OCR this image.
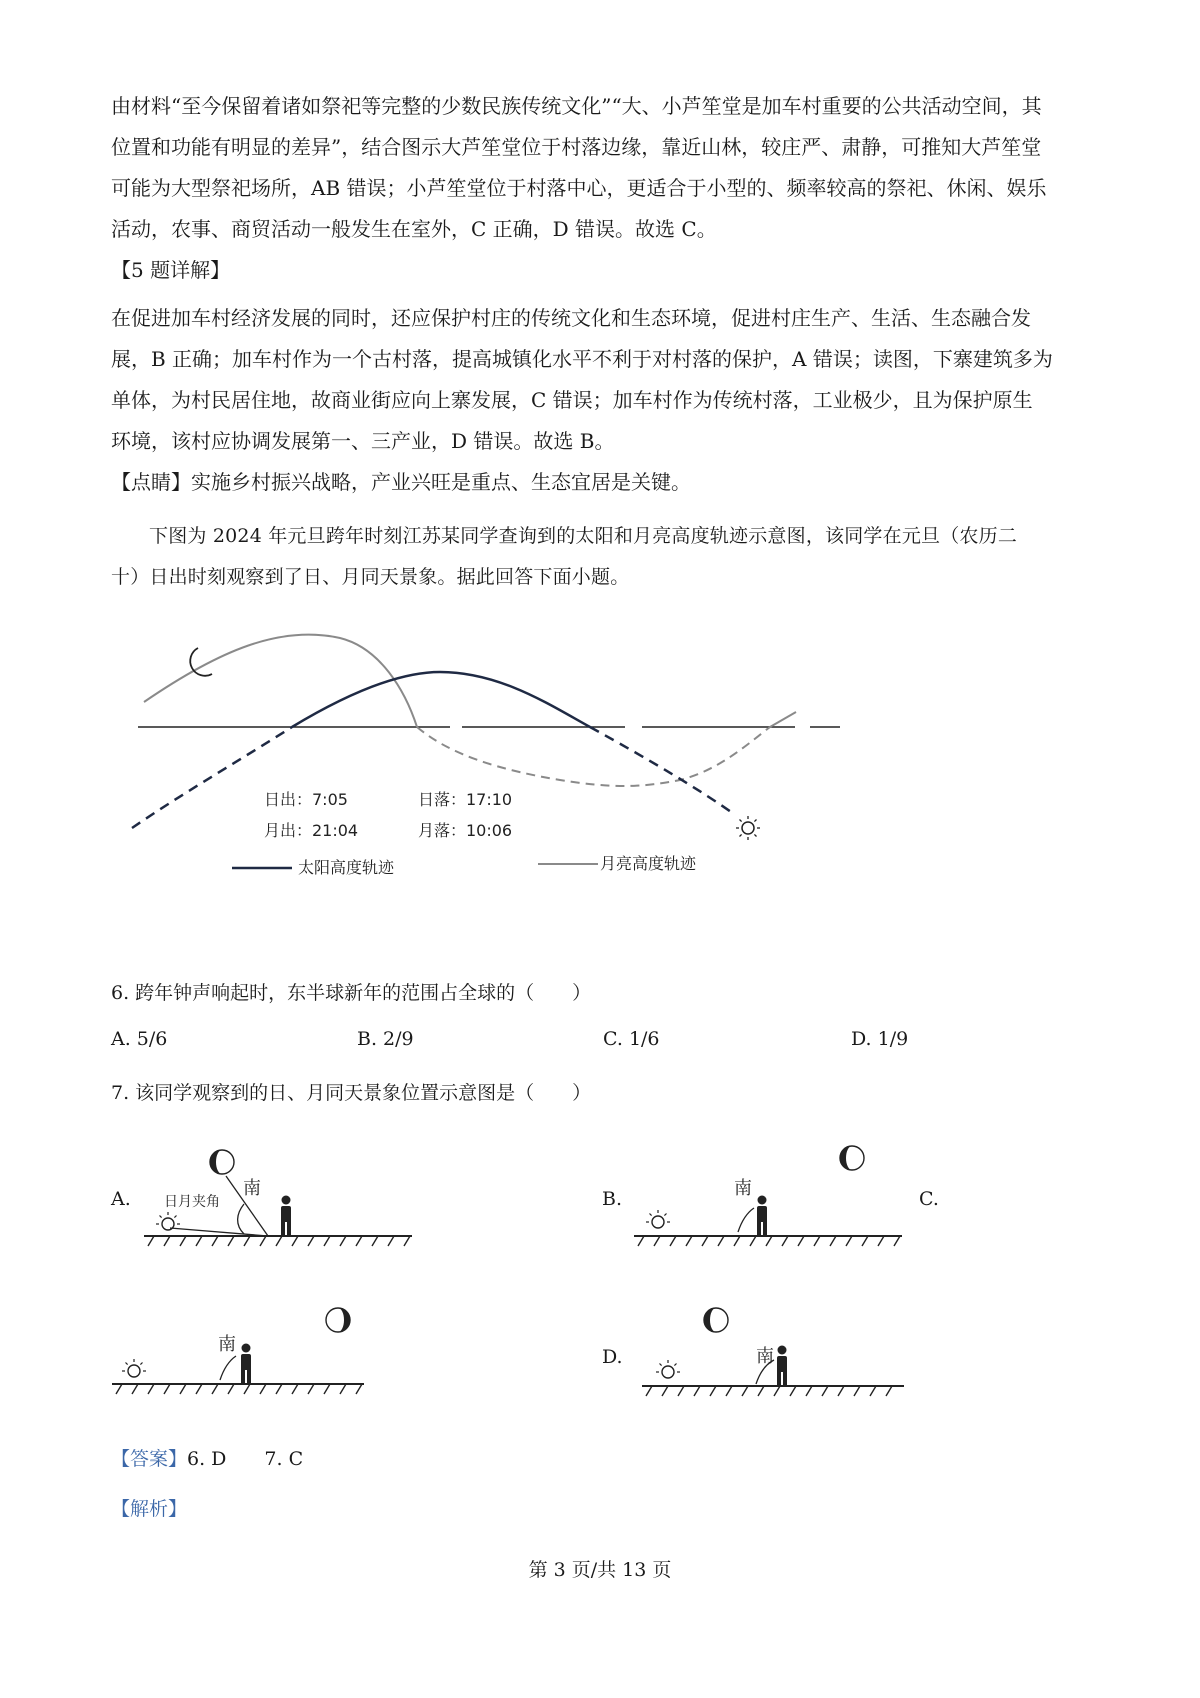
由材料“至今保留着诸如祭祀等完整的少数民族传统文化”“大、小芦笙堂是加车村重要的公共活动空间，其
位置和功能有明显的差异”，结合图示大芦笙堂位于村落边缘，靠近山林，较庄严、肃静，可推知大芦笙堂
可能为大型祭祀场所，AB 错误；小芦笙堂位于村落中心，更适合于小型的、频率较高的祭祀、休闲、娱乐
活动，农事、商贸活动一般发生在室外，C 正确，D 错误。故选 C。

【5 题详解】

在促进加车村经济发展的同时，还应保护村庄的传统文化和生态环境，促进村庄生产、生活、生态融合发
展，B 正确；加车村作为一个古村落，提高城镇化水平不利于对村落的保护，A 错误；读图，下寨建筑多为
单体，为村民居住地，故商业街应向上寨发展，C 错误；加车村作为传统村落，工业极少，且为保护原生
环境，该村应协调发展第一、三产业，D 错误。故选 B。

【点睛】实施乡村振兴战略，产业兴旺是重点、生态宜居是关键。

下图为 2024 年元旦跨年时刻江苏某同学查询到的太阳和月亮高度轨迹示意图，该同学在元旦（农历二
十）日出时刻观察到了日、月同天景象。据此回答下面小题。

日出：7:05	日落：17:10
月出：21:04	月落：10:06
太阳高度轨迹	月亮高度轨迹

6. 跨年钟声响起时，东半球新年的范围占全球的（　　）

A. 5/6	B. 2/9	C. 1/6	D. 1/9

7. 该同学观察到的日、月同天景象位置示意图是（　　）

A. 日月夹角
南	B.	南	C.
南
D.	南

【答案】6. D　　7. C

【解析】

第 3 页/共 13 页
